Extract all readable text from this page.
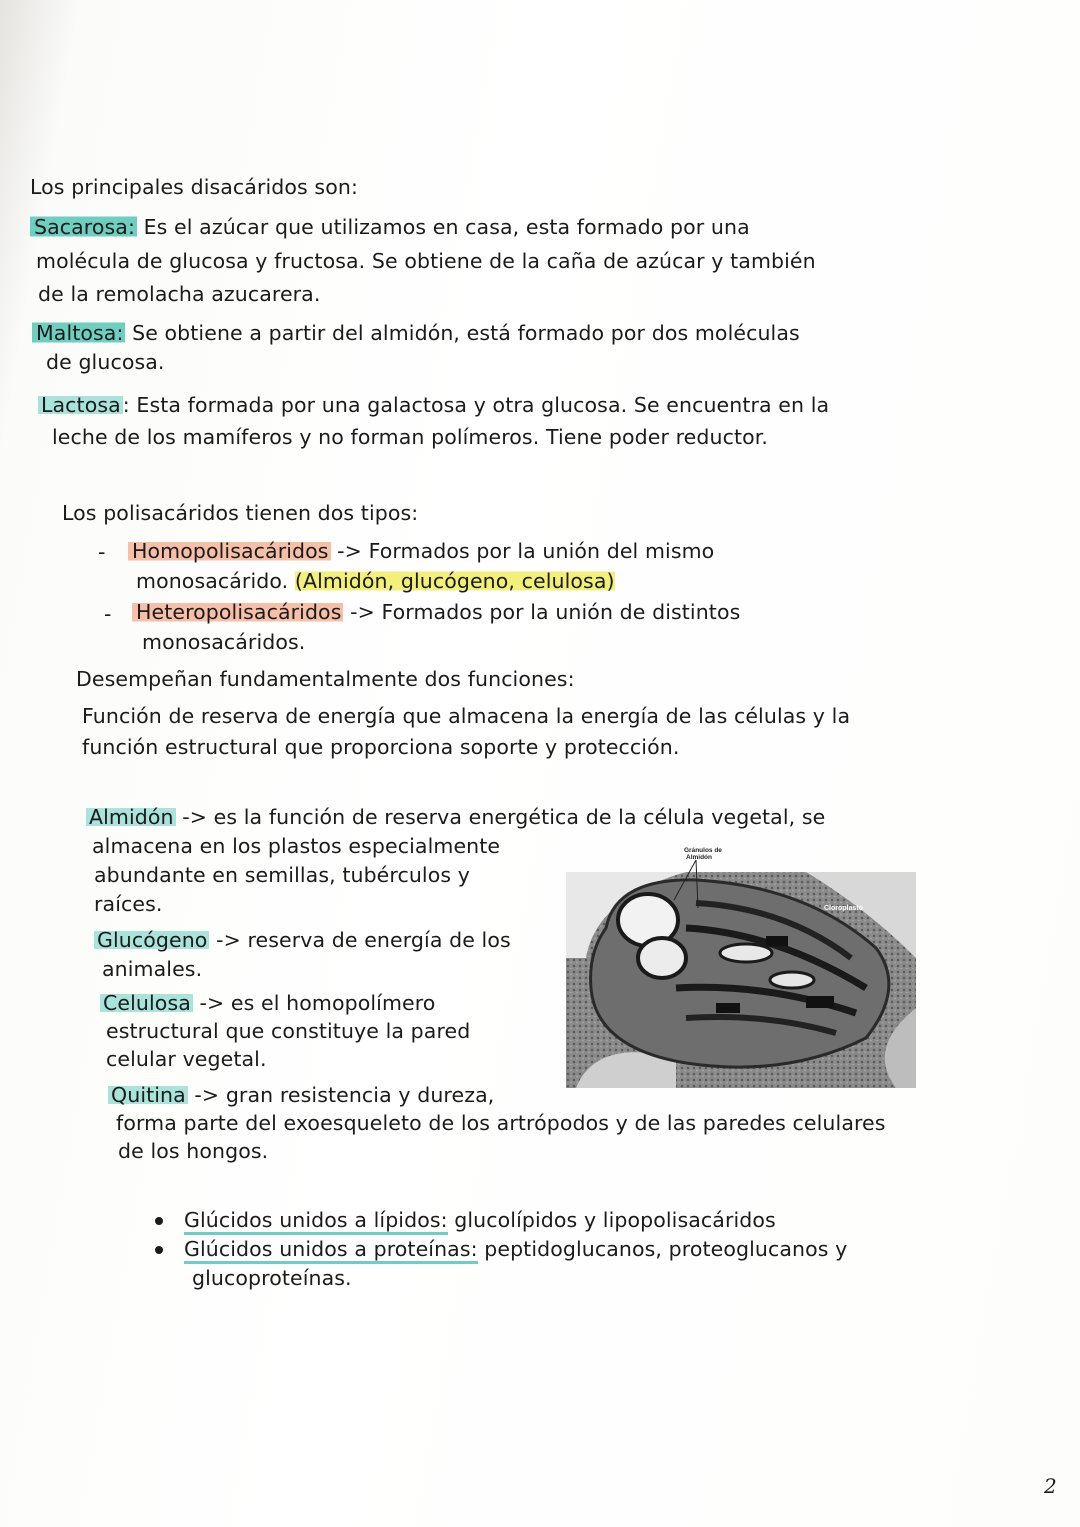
Los principales disacáridos son:
Sacarosa: Es el azúcar que utilizamos en casa, esta formado por una
molécula de glucosa y fructosa. Se obtiene de la caña de azúcar y también
de la remolacha azucarera.
Maltosa: Se obtiene a partir del almidón, está formado por dos moléculas
de glucosa.
Lactosa: Esta formada por una galactosa y otra glucosa. Se encuentra en la
leche de los mamíferos y no forman polímeros. Tiene poder reductor.
Los polisacáridos tienen dos tipos:
- Homopolisacáridos -> Formados por la unión del mismo
monosacárido. (Almidón, glucógeno, celulosa)
- Heteropolisacáridos -> Formados por la unión de distintos
monosacáridos.
Desempeñan fundamentalmente dos funciones:
Función de reserva de energía que almacena la energía de las células y la
función estructural que proporciona soporte y protección.
Almidón -> es la función de reserva energética de la célula vegetal, se
almacena en los plastos especialmente
abundante en semillas, tubérculos y
raíces.
Glucógeno -> reserva de energía de los
animales.
Celulosa -> es el homopolímero
estructural que constituye la pared
celular vegetal.
Quitina -> gran resistencia y dureza,
forma parte del exoesqueleto de los artrópodos y de las paredes celulares
de los hongos.
Gránulos de
Almidón
Cloroplasto
Glúcidos unidos a lípidos: glucolípidos y lipopolisacáridos
Glúcidos unidos a proteínas: peptidoglucanos, proteoglucanos y
glucoproteínas.
2
